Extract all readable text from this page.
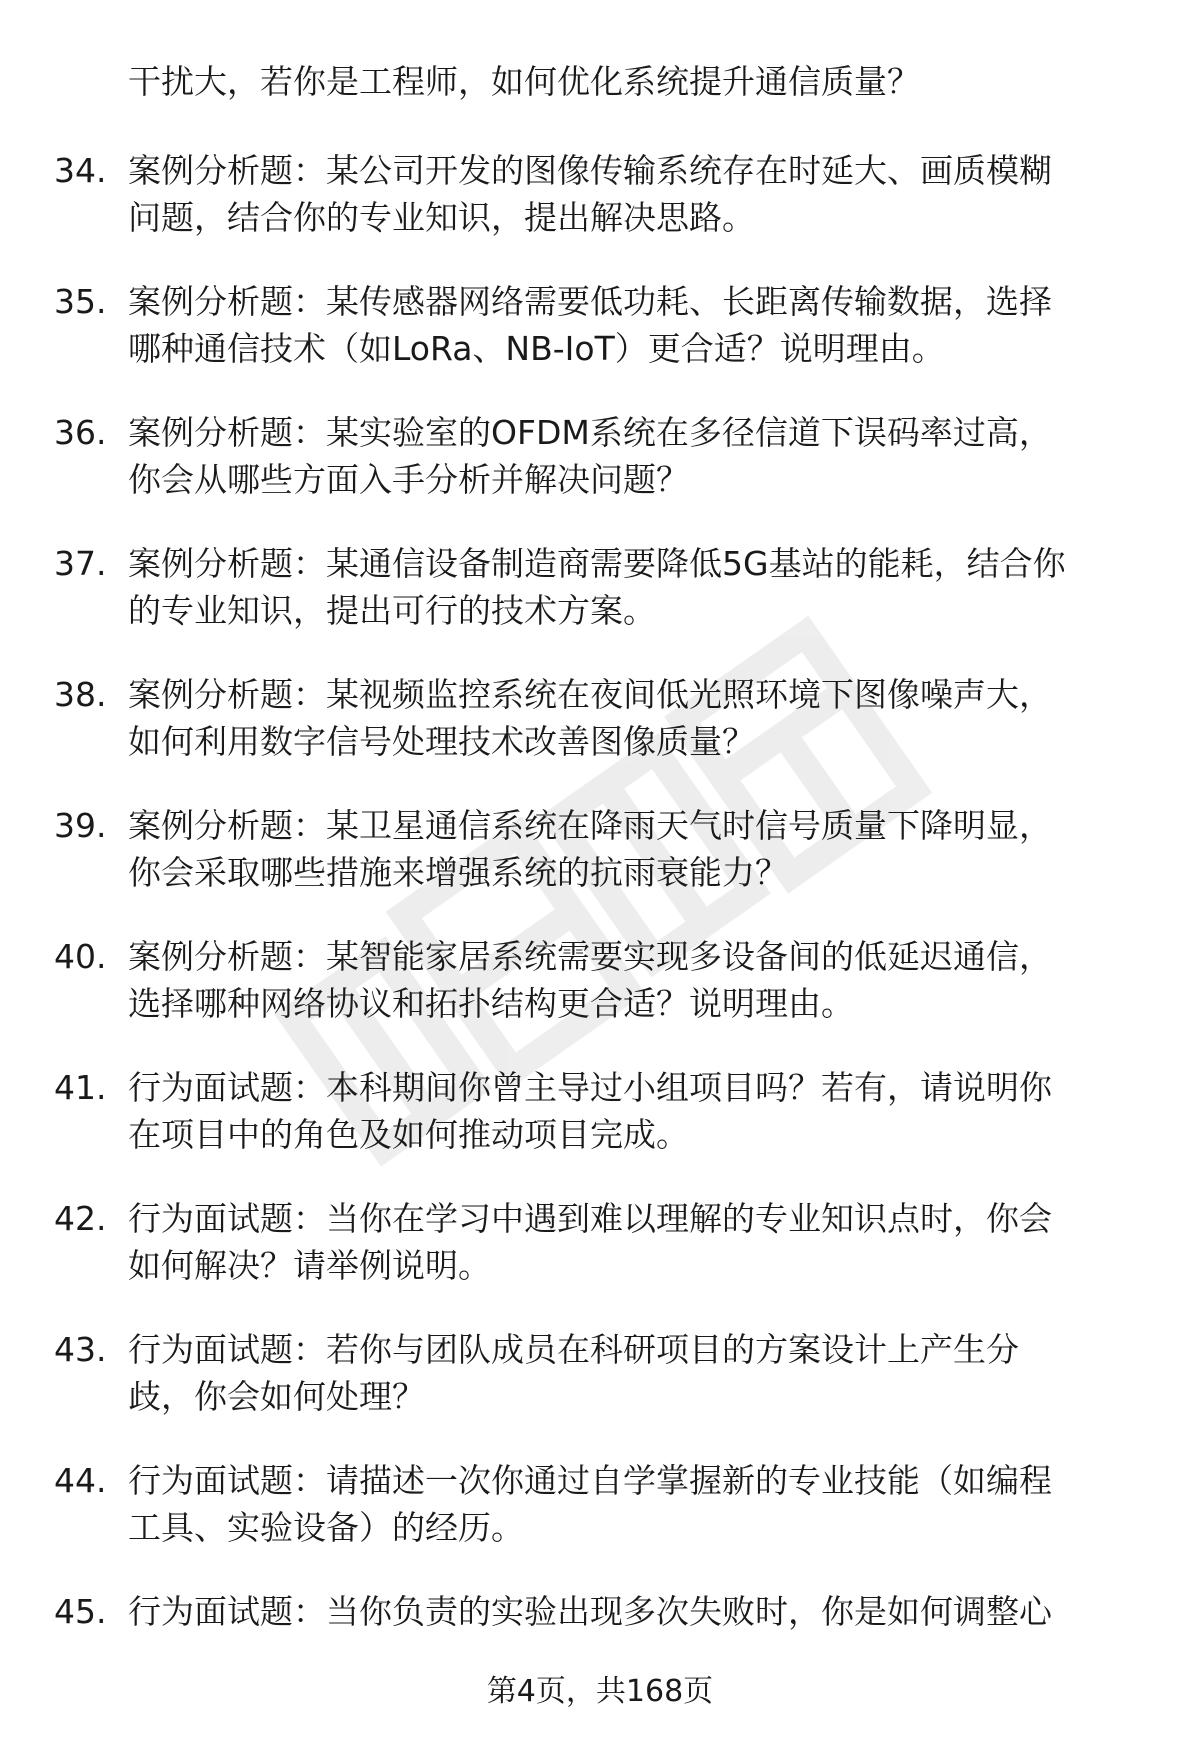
干扰大，若你是工程师，如何优化系统提升通信质量？
34. 案例分析题：某公司开发的图像传输系统存在时延大、画质模糊
问题，结合你的专业知识，提出解决思路。
35. 案例分析题：某传感器网络需要低功耗、长距离传输数据，选择
哪种通信技术（如LoRa、NB-IoT）更合适？说明理由。
36. 案例分析题：某实验室的OFDM系统在多径信道下误码率过高，
你会从哪些方面入手分析并解决问题？
37. 案例分析题：某通信设备制造商需要降低5G基站的能耗，结合你
的专业知识，提出可行的技术方案。
38. 案例分析题：某视频监控系统在夜间低光照环境下图像噪声大，
如何利用数字信号处理技术改善图像质量？
39. 案例分析题：某卫星通信系统在降雨天气时信号质量下降明显，
你会采取哪些措施来增强系统的抗雨衰能力？
40. 案例分析题：某智能家居系统需要实现多设备间的低延迟通信，
选择哪种网络协议和拓扑结构更合适？说明理由。
41. 行为面试题：本科期间你曾主导过小组项目吗？若有，请说明你
在项目中的角色及如何推动项目完成。
42. 行为面试题：当你在学习中遇到难以理解的专业知识点时，你会
如何解决？请举例说明。
43. 行为面试题：若你与团队成员在科研项目的方案设计上产生分
歧，你会如何处理？
44. 行为面试题：请描述一次你通过自学掌握新的专业技能（如编程
工具、实验设备）的经历。
45. 行为面试题：当你负责的实验出现多次失败时，你是如何调整心
第4页，共168页
